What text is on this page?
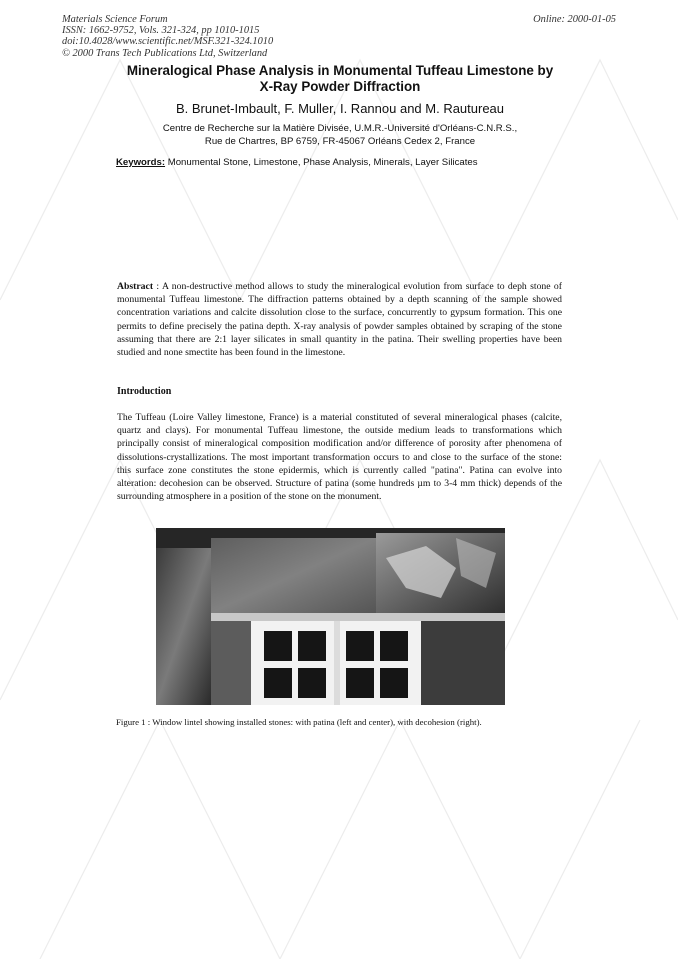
Materials Science Forum
ISSN: 1662-9752, Vols. 321-324, pp 1010-1015
doi:10.4028/www.scientific.net/MSF.321-324.1010
© 2000 Trans Tech Publications Ltd, Switzerland
Online: 2000-01-05
Mineralogical Phase Analysis in Monumental Tuffeau Limestone by
X-Ray Powder Diffraction
B. Brunet-Imbault, F. Muller, I. Rannou and M. Rautureau
Centre de Recherche sur la Matière Divisée, U.M.R.-Université d'Orléans-C.N.R.S.,
Rue de Chartres, BP 6759, FR-45067 Orléans Cedex 2, France
Keywords: Monumental Stone, Limestone, Phase Analysis, Minerals, Layer Silicates

Abstract : A non-destructive method allows to study the mineralogical evolution from surface to deph stone of monumental Tuffeau limestone. The diffraction patterns obtained by a depth scanning of the sample showed concentration variations and calcite dissolution close to the surface, concurrently to gypsum formation. This one permits to define precisely the patina depth. X-ray analysis of powder samples obtained by scraping of the stone assuming that there are 2:1 layer silicates in small quantity in the patina. Their swelling properties have been studied and none smectite has been found in the limestone.

Introduction

The Tuffeau (Loire Valley limestone, France) is a material constituted of several mineralogical phases (calcite, quartz and clays). For monumental Tuffeau limestone, the outside medium leads to transformations which principally consist of mineralogical composition modification and/or difference of porosity after phenomena of dissolutions-crystallizations. The most important transformation occurs to and close to the surface of the stone: this surface zone constitutes the stone epidermis, which is currently called "patina". Patina can evolve into alteration: decohesion can be observed. Structure of patina (some hundreds µm to 3-4 mm thick) depends of the surrounding atmosphere in a position of the stone on the monument.

Figure 1 : Window lintel showing installed stones: with patina (left and center), with decohesion (right).
